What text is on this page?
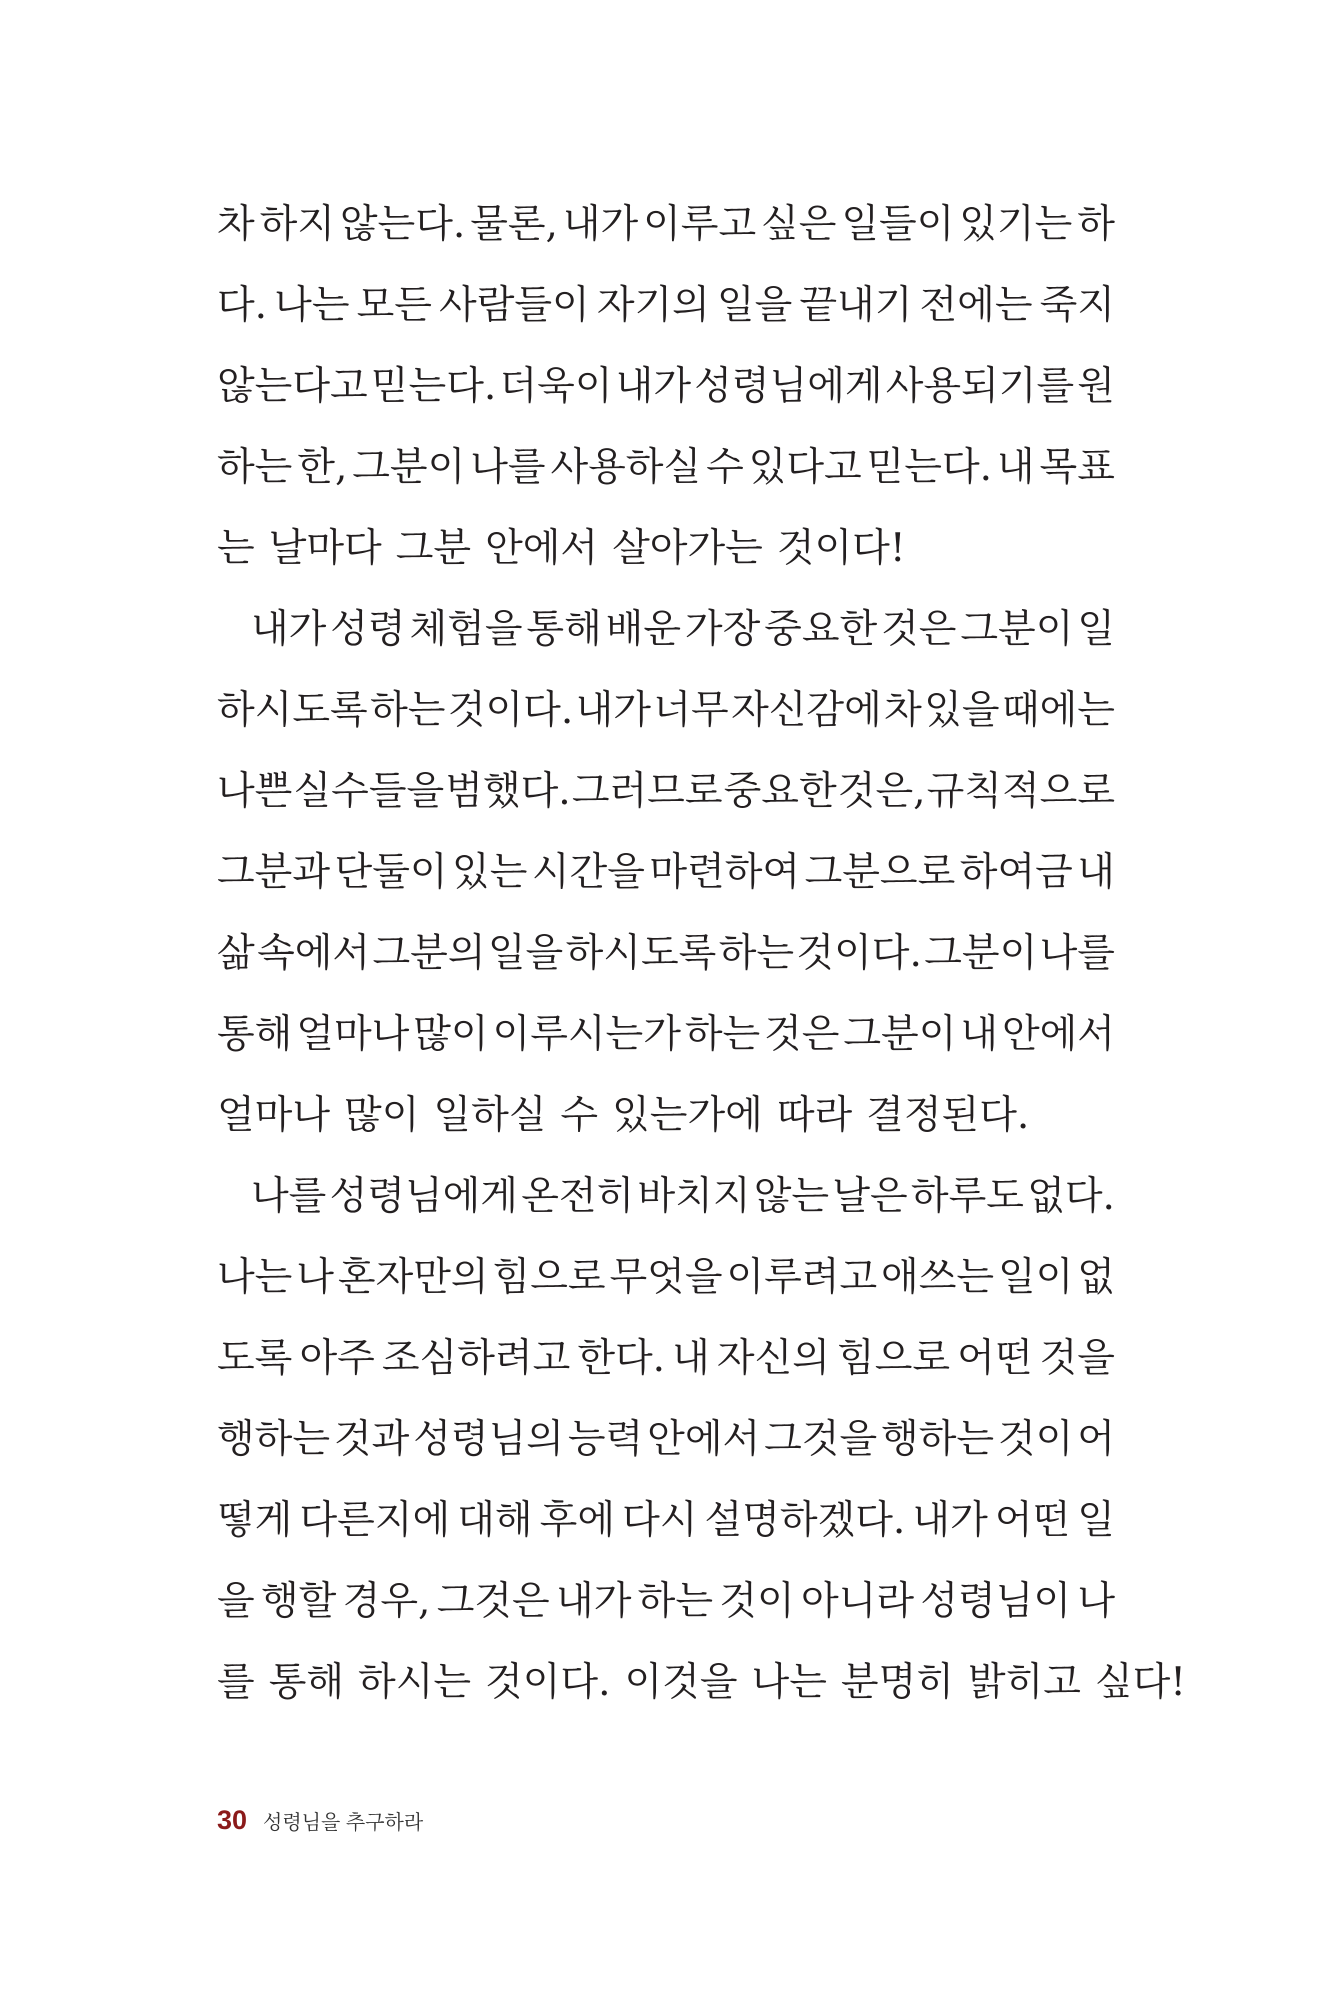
차 하지 않는다. 물론, 내가 이루고 싶은 일들이 있기는 하
다. 나는 모든 사람들이 자기의 일을 끝내기 전에는 죽지
않는다고 믿는다. 더욱이 내가 성령님에게 사용되기를 원
하는 한, 그분이 나를 사용하실 수 있다고 믿는다. 내 목표
는 날마다 그분 안에서 살아가는 것이다!
내가 성령 체험을 통해 배운 가장 중요한 것은 그분이 일
하시도록 하는 것이다. 내가 너무 자신감에 차 있을 때에는
나쁜 실수들을 범했다. 그러므로 중요한 것은, 규칙적으로
그분과 단둘이 있는 시간을 마련하여 그분으로 하여금 내
삶 속에서 그분의 일을 하시도록 하는 것이다. 그분이 나를
통해 얼마나 많이 이루시는가 하는 것은 그분이 내 안에서
얼마나 많이 일하실 수 있는가에 따라 결정된다.
나를 성령님에게 온전히 바치지 않는 날은 하루도 없다.
나는 나 혼자만의 힘으로 무엇을 이루려고 애쓰는 일이 없
도록 아주 조심하려고 한다. 내 자신의 힘으로 어떤 것을
행하는 것과 성령님의 능력 안에서 그것을 행하는 것이 어
떻게 다른지에 대해 후에 다시 설명하겠다. 내가 어떤 일
을 행할 경우, 그것은 내가 하는 것이 아니라 성령님이 나
를 통해 하시는 것이다. 이것을 나는 분명히 밝히고 싶다!
30 성령님을 추구하라
